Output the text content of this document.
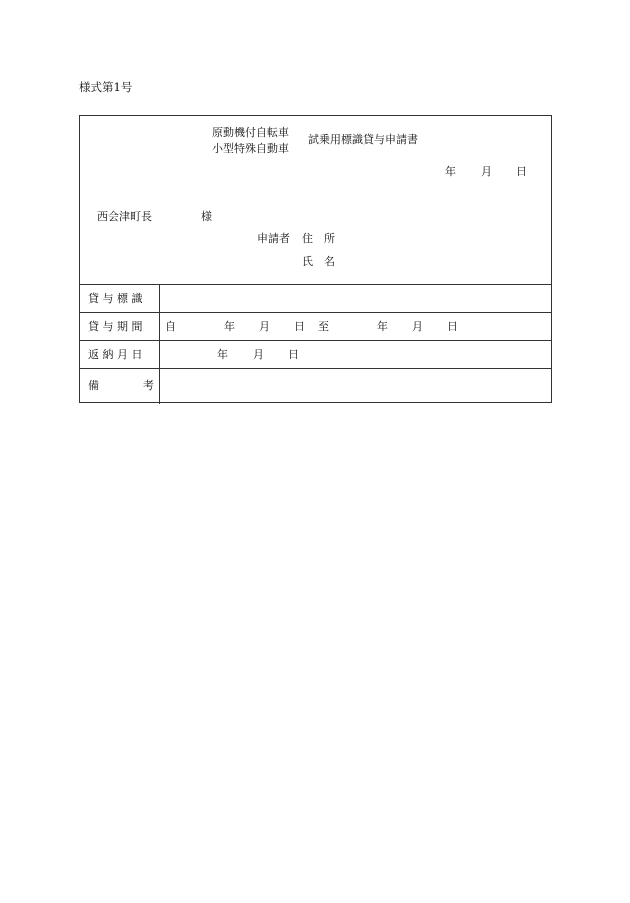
様式第1号
原動機付自転車
小型特殊自動車
試乗用標識貸与申請書
年 月 日
西会津町長	様
申請者 住　所
氏　名
貸 与 標 識
貸 与 期 間 自	年 月 日 至	年 月 日
返 納 月 日	年 月 日
備	考
